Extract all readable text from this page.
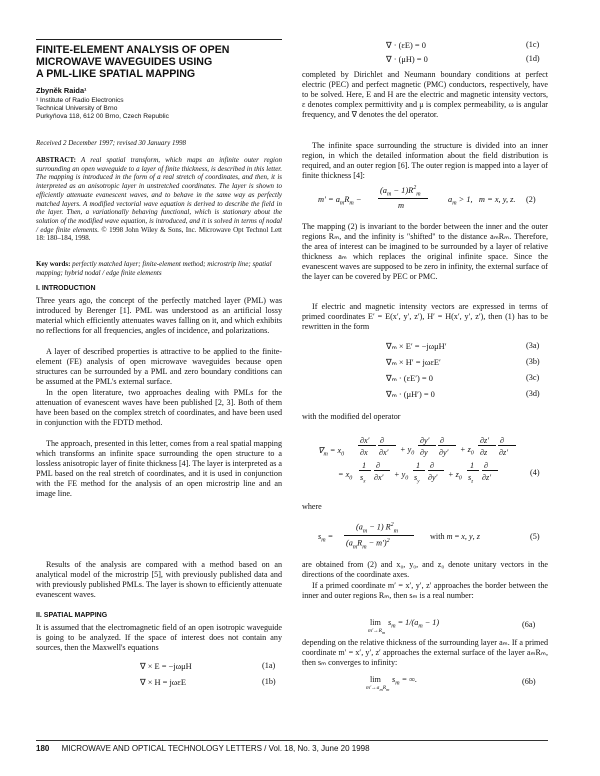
FINITE-ELEMENT ANALYSIS OF OPEN
MICROWAVE WAVEGUIDES USING
A PML-LIKE SPATIAL MAPPING
Zbyněk Raida¹
¹ Institute of Radio Electronics
Technical University of Brno
Purkyňova 118, 612 00 Brno, Czech Republic
Received 2 December 1997; revised 30 January 1998
ABSTRACT: A real spatial transform, which maps an infinite outer region surrounding an open waveguide to a layer of finite thickness, is described in this letter. The mapping is introduced in the form of a real stretch of coordinates, and then, it is interpreted as an anisotropic layer in unstretched coordinates. The layer is shown to efficiently attenuate evanescent waves, and to behave in the same way as perfectly matched layers. A modified vectorial wave equation is derived to describe the field in the layer. Then, a variationally behaving functional, which is stationary about the solution of the modified wave equation, is introduced, and it is solved in terms of nodal / edge finite elements. © 1998 John Wiley & Sons, Inc. Microwave Opt Technol Lett 18: 180–184, 1998.
Key words: perfectly matched layer; finite-element method; microstrip line; spatial mapping; hybrid nodal / edge finite elements
I. INTRODUCTION
Three years ago, the concept of the perfectly matched layer (PML) was introduced by Berenger [1]. PML was understood as an artificial lossy material which efficiently attenuates waves falling on it, and which exhibits no reflections for all frequencies, angles of incidence, and polarizations.
A layer of described properties is attractive to be applied to the finite-element (FE) analysis of open microwave waveguides because open structures can be surrounded by a PML and zero boundary conditions can be assumed at the PML's external surface.
In the open literature, two approaches dealing with PMLs for the attenuation of evanescent waves have been published [2, 3]. Both of them have been based on the complex stretch of coordinates, and have been used in conjunction with the FDTD method.
The approach, presented in this letter, comes from a real spatial mapping which transforms an infinite space surrounding the open structure to a lossless anisotropic layer of finite thickness [4]. The layer is interpreted as a PML based on the real stretch of coordinates, and it is used in conjunction with the FE method for the analysis of an open microstrip line and an image line.
Results of the analysis are compared with a method based on an analytical model of the microstrip [5], with previously published data and with previously published PMLs. The layer is shown to efficiently attenuate evanescent waves.
II. SPATIAL MAPPING
It is assumed that the electromagnetic field of an open isotropic waveguide is going to be analyzed. If the space of interest does not contain any sources, then the Maxwell's equations
∇ × E = −jωμH	(1a)
∇ × H = jωεE	(1b)
∇ · (εE) = 0	(1c)
∇ · (μH) = 0	(1d)
completed by Dirichlet and Neumann boundary conditions at perfect electric (PEC) and perfect magnetic (PMC) conductors, respectively, have to be solved. Here, E and H are the electric and magnetic intensity vectors, ε denotes complex permittivity and μ is complex permeability, ω is angular frequency, and ∇ denotes the del operator.
The infinite space surrounding the structure is divided into an inner region, in which the detailed information about the field distribution is required, and an outer region [6]. The outer region is mapped into a layer of finite thickness [4]:
$m' = a_mR_m$ −
$(a_m - 1)R^2_m$
m
$a_m > 1$,   m = x, y, z. (2)
The mapping (2) is invariant to the border between the inner and the outer regions Rₘ, and the infinity is "shifted" to the distance aₘRₘ. Therefore, the area of interest can be imagined to be surrounded by a layer of relative thickness aₘ which replaces the original infinite space. Since the evanescent waves are supposed to be zero in infinity, the external surface of the layer can be covered by PEC or PMC.
If electric and magnetic intensity vectors are expressed in terms of primed coordinates E′ = E(x′, y′, z′), H′ = H(x′, y′, z′), then (1) has to be rewritten in the form
∇ₘ × E′ = −jωμH′	(3a)
∇ₘ × H′ = jωεE′	(3b)
∇ₘ · (εE′) = 0	(3c)
∇ₘ · (μH′) = 0	(3d)
with the modified del operator
$\nabla_m = x_0$
∂x′
∂x
∂
$\partial x' + y_0$
∂y′
∂y
∂
$\partial y' + z_0$
∂z′
∂z
∂
∂z′
= $x_0$
1
$s_x$
∂
$\partial x' + y_0$
1
$s_y$
∂
$\partial y' + z_0$
1
$s_z$
∂
∂z′
(4)
where
$s_m$ =
$(a_m - 1)$ $R^2_m$
$(a_mR_m - m')^2$	with m = x, y, z	(5)
are obtained from (2) and x₀, y₀, and z₀ denote unitary vectors in the directions of the coordinate axes.
If a primed coordinate m′ = x′, y′, z′ approaches the border between the inner and outer regions Rₘ, then sₘ is a real number:
lim
$m'\to R_m$
$s_m = 1/(a_m - 1)$	(6a)
depending on the relative thickness of the surrounding layer aₘ. If a primed coordinate m′ = x′, y′, z′ approaches the external surface of the layer aₘRₘ, then sₘ converges to infinity:
lim
$m'\to a_mR_m$
$s_m$ = ∞.	(6b)
180 MICROWAVE AND OPTICAL TECHNOLOGY LETTERS / Vol. 18, No. 3, June 20 1998
